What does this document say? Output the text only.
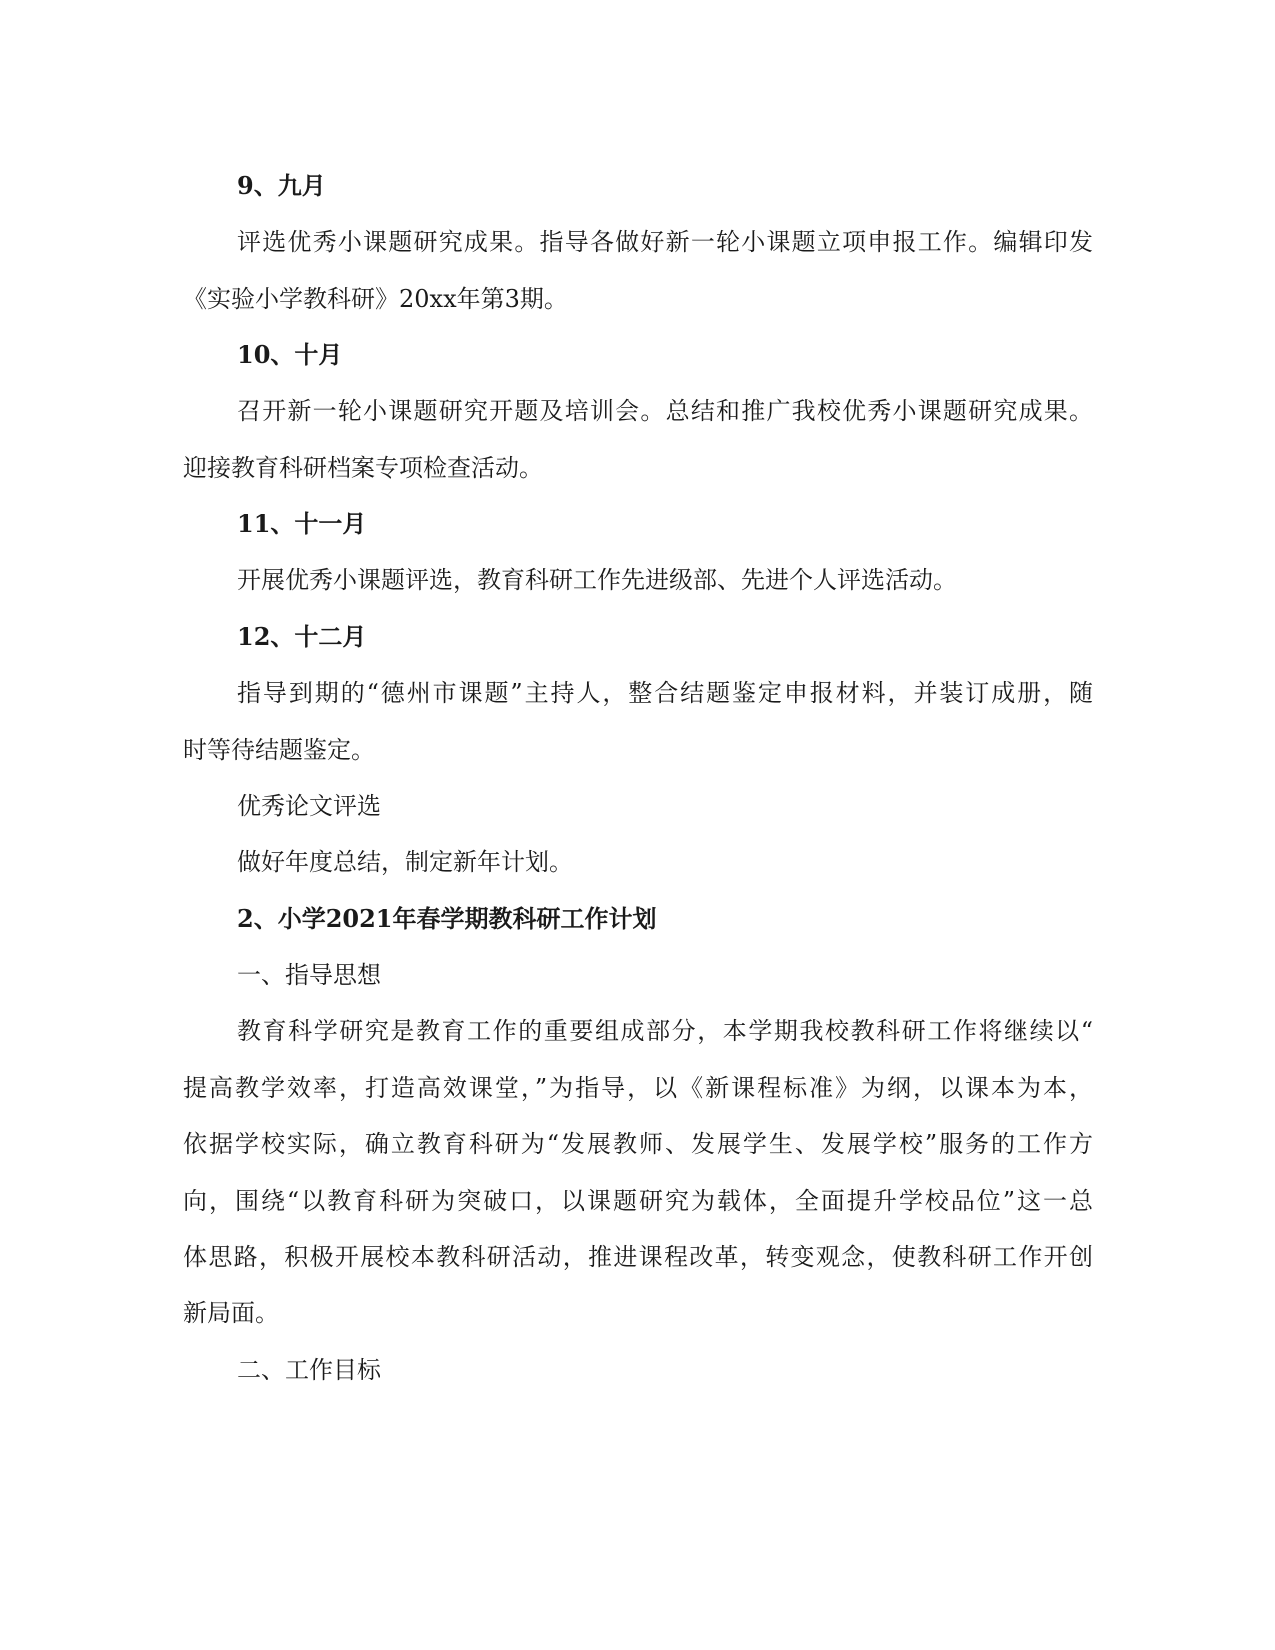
9、九月
评选优秀小课题研究成果。指导各做好新一轮小课题立项申报工作。编辑印发
《实验小学教科研》20xx年第3期。
10、十月
召开新一轮小课题研究开题及培训会。总结和推广我校优秀小课题研究成果。
迎接教育科研档案专项检查活动。
11、十一月
开展优秀小课题评选，教育科研工作先进级部、先进个人评选活动。
12、十二月
指导到期的“德州市课题”主持人，整合结题鉴定申报材料，并装订成册，随
时等待结题鉴定。
优秀论文评选
做好年度总结，制定新年计划。
2、小学2021年春学期教科研工作计划
一、指导思想
教育科学研究是教育工作的重要组成部分，本学期我校教科研工作将继续以“
提高教学效率，打造高效课堂，”为指导，以《新课程标准》为纲，以课本为本，
依据学校实际，确立教育科研为“发展教师、发展学生、发展学校”服务的工作方
向，围绕“以教育科研为突破口，以课题研究为载体，全面提升学校品位”这一总
体思路，积极开展校本教科研活动，推进课程改革，转变观念，使教科研工作开创
新局面。
二、工作目标
